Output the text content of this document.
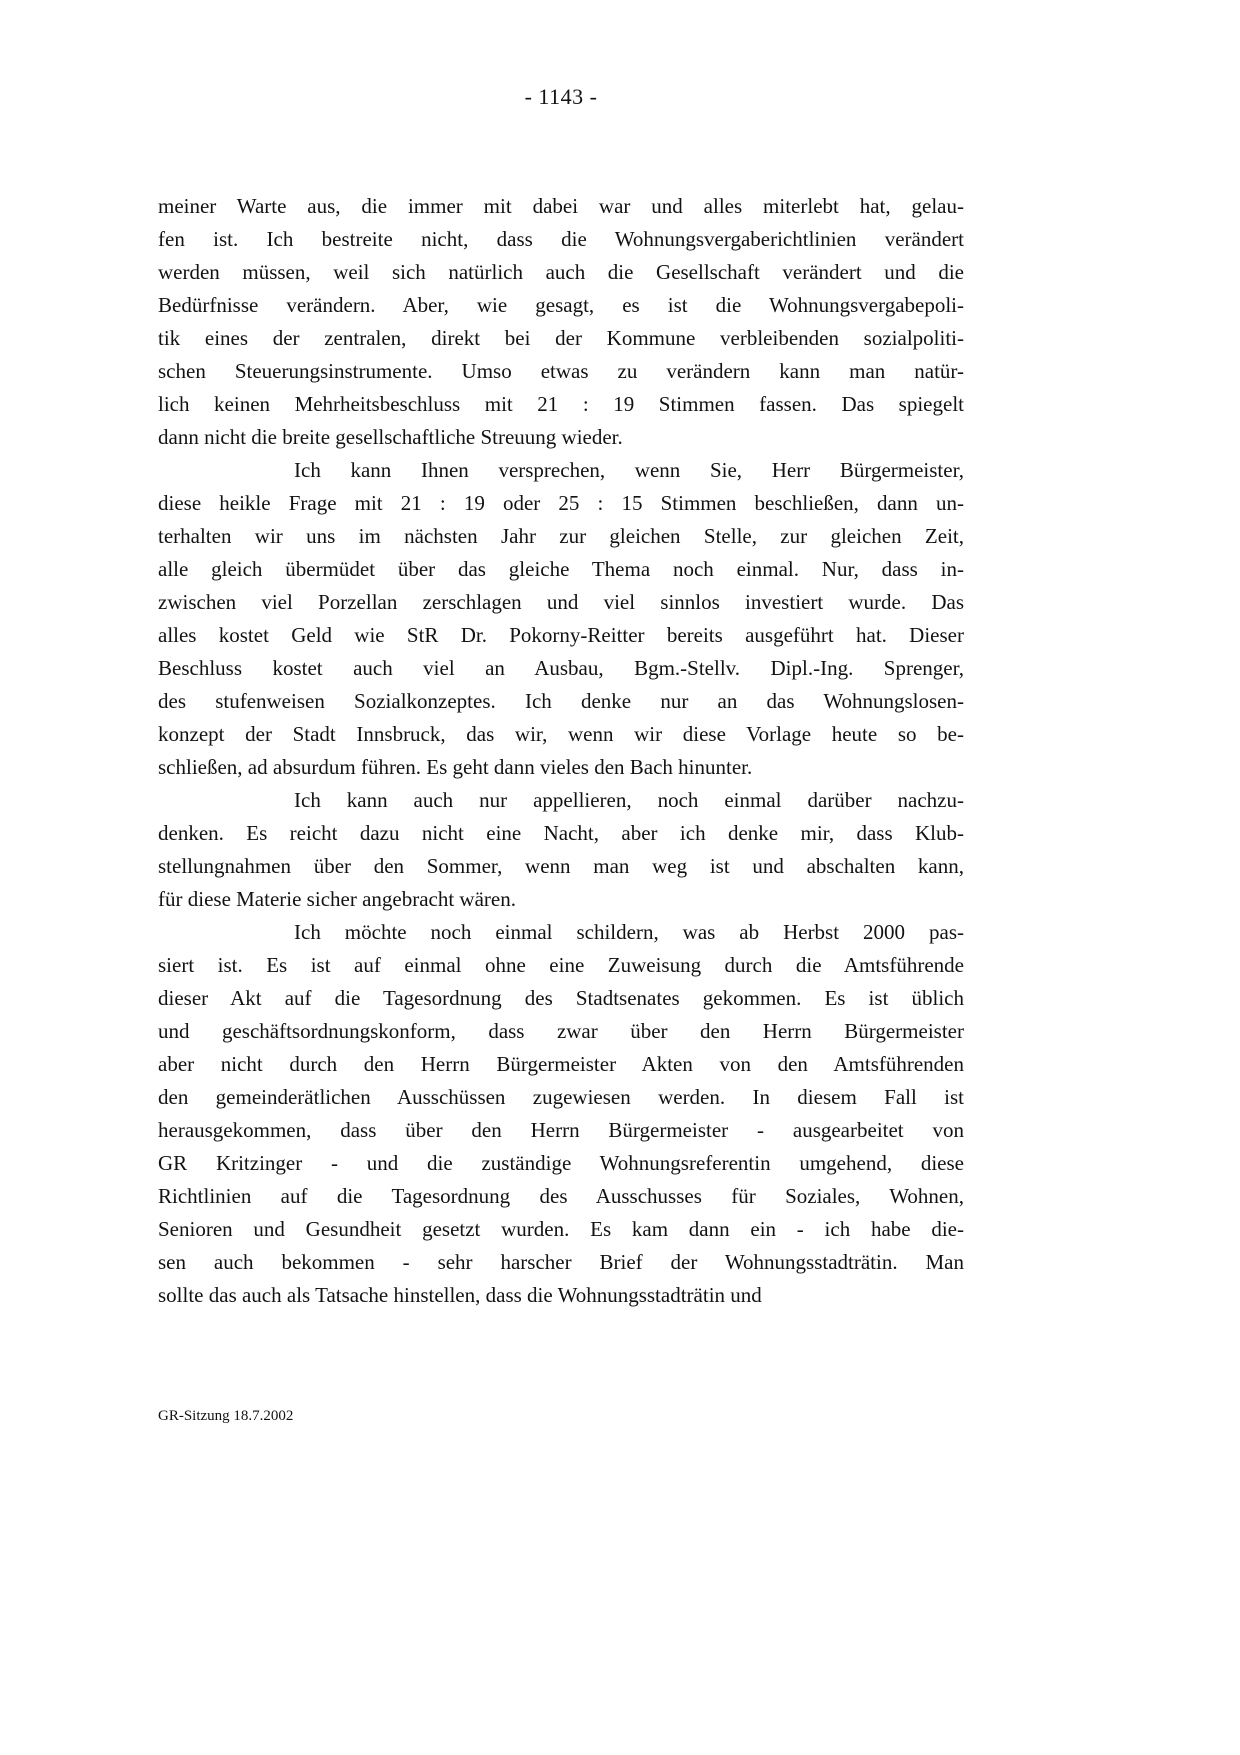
- 1143 -
meiner Warte aus, die immer mit dabei war und alles miterlebt hat, gelau-
fen ist. Ich bestreite nicht, dass die Wohnungsvergaberichtlinien verändert
werden müssen, weil sich natürlich auch die Gesellschaft verändert und die
Bedürfnisse verändern. Aber, wie gesagt, es ist die Wohnungsvergabepoli-
tik eines der zentralen, direkt bei der Kommune verbleibenden sozialpoliti-
schen Steuerungsinstrumente. Umso etwas zu verändern kann man natür-
lich keinen Mehrheitsbeschluss mit 21 : 19 Stimmen fassen. Das spiegelt
dann nicht die breite gesellschaftliche Streuung wieder.
Ich kann Ihnen versprechen, wenn Sie, Herr Bürgermeister,
diese heikle Frage mit 21 : 19 oder 25 : 15 Stimmen beschließen, dann un-
terhalten wir uns im nächsten Jahr zur gleichen Stelle, zur gleichen Zeit,
alle gleich übermüdet über das gleiche Thema noch einmal. Nur, dass in-
zwischen viel Porzellan zerschlagen und viel sinnlos investiert wurde. Das
alles kostet Geld wie StR Dr. Pokorny-Reitter bereits ausgeführt hat. Dieser
Beschluss kostet auch viel an Ausbau, Bgm.-Stellv. Dipl.-Ing. Sprenger,
des stufenweisen Sozialkonzeptes. Ich denke nur an das Wohnungslosen-
konzept der Stadt Innsbruck, das wir, wenn wir diese Vorlage heute so be-
schließen, ad absurdum führen. Es geht dann vieles den Bach hinunter.
Ich kann auch nur appellieren, noch einmal darüber nachzu-
denken. Es reicht dazu nicht eine Nacht, aber ich denke mir, dass Klub-
stellungnahmen über den Sommer, wenn man weg ist und abschalten kann,
für diese Materie sicher angebracht wären.
Ich möchte noch einmal schildern, was ab Herbst 2000 pas-
siert ist. Es ist auf einmal ohne eine Zuweisung durch die Amtsführende
dieser Akt auf die Tagesordnung des Stadtsenates gekommen. Es ist üblich
und geschäftsordnungskonform, dass zwar über den Herrn Bürgermeister
aber nicht durch den Herrn Bürgermeister Akten von den Amtsführenden
den gemeinderätlichen Ausschüssen zugewiesen werden. In diesem Fall ist
herausgekommen, dass über den Herrn Bürgermeister - ausgearbeitet von
GR Kritzinger - und die zuständige Wohnungsreferentin umgehend, diese
Richtlinien auf die Tagesordnung des Ausschusses für Soziales, Wohnen,
Senioren und Gesundheit gesetzt wurden. Es kam dann ein - ich habe die-
sen auch bekommen - sehr harscher Brief der Wohnungsstadträtin. Man
sollte das auch als Tatsache hinstellen, dass die Wohnungsstadträtin und
GR-Sitzung 18.7.2002
